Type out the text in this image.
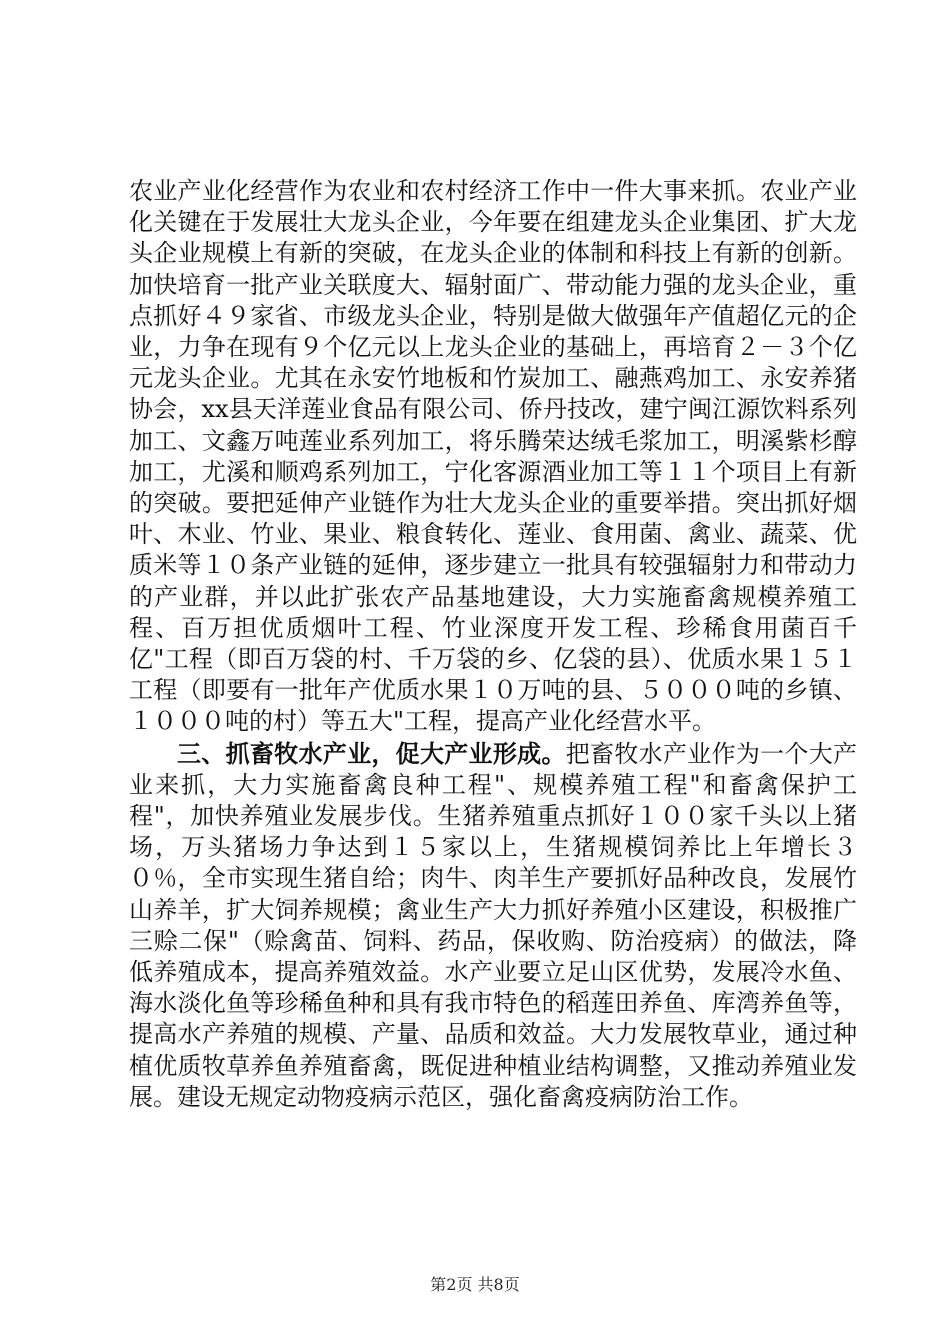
农业产业化经营作为农业和农村经济工作中一件大事来抓。农业产业化关键在于发展壮大龙头企业，今年要在组建龙头企业集团、扩大龙头企业规模上有新的突破，在龙头企业的体制和科技上有新的创新。加快培育一批产业关联度大、辐射面广、带动能力强的龙头企业，重点抓好４９家省、市级龙头企业，特别是做大做强年产值超亿元的企业，力争在现有９个亿元以上龙头企业的基础上，再培育２－３个亿元龙头企业。尤其在永安竹地板和竹炭加工、融燕鸡加工、永安养猪协会，xx县天洋莲业食品有限公司、侨丹技改，建宁闽江源饮料系列加工、文鑫万吨莲业系列加工，将乐腾荣达绒毛浆加工，明溪紫杉醇加工，尤溪和顺鸡系列加工，宁化客源酒业加工等１１个项目上有新的突破。要把延伸产业链作为壮大龙头企业的重要举措。突出抓好烟叶、木业、竹业、果业、粮食转化、莲业、食用菌、禽业、蔬菜、优质米等１０条产业链的延伸，逐步建立一批具有较强辐射力和带动力的产业群，并以此扩张农产品基地建设，大力实施畜禽规模养殖工程、百万担优质烟叶工程、竹业深度开发工程、珍稀食用菌百千亿"工程（即百万袋的村、千万袋的乡、亿袋的县）、优质水果１５１工程（即要有一批年产优质水果１０万吨的县、５０００吨的乡镇、１０００吨的村）等五大"工程，提高产业化经营水平。

三、抓畜牧水产业，促大产业形成。把畜牧水产业作为一个大产业来抓，大力实施畜禽良种工程"、规模养殖工程"和畜禽保护工程"，加快养殖业发展步伐。生猪养殖重点抓好１００家千头以上猪场，万头猪场力争达到１５家以上，生猪规模饲养比上年增长３０％，全市实现生猪自给；肉牛、肉羊生产要抓好品种改良，发展竹山养羊，扩大饲养规模；禽业生产大力抓好养殖小区建设，积极推广三赊二保"（赊禽苗、饲料、药品，保收购、防治疫病）的做法，降低养殖成本，提高养殖效益。水产业要立足山区优势，发展冷水鱼、海水淡化鱼等珍稀鱼种和具有我市特色的稻莲田养鱼、库湾养鱼等，提高水产养殖的规模、产量、品质和效益。大力发展牧草业，通过种植优质牧草养鱼养殖畜禽，既促进种植业结构调整，又推动养殖业发展。建设无规定动物疫病示范区，强化畜禽疫病防治工作。

第2页 共8页
